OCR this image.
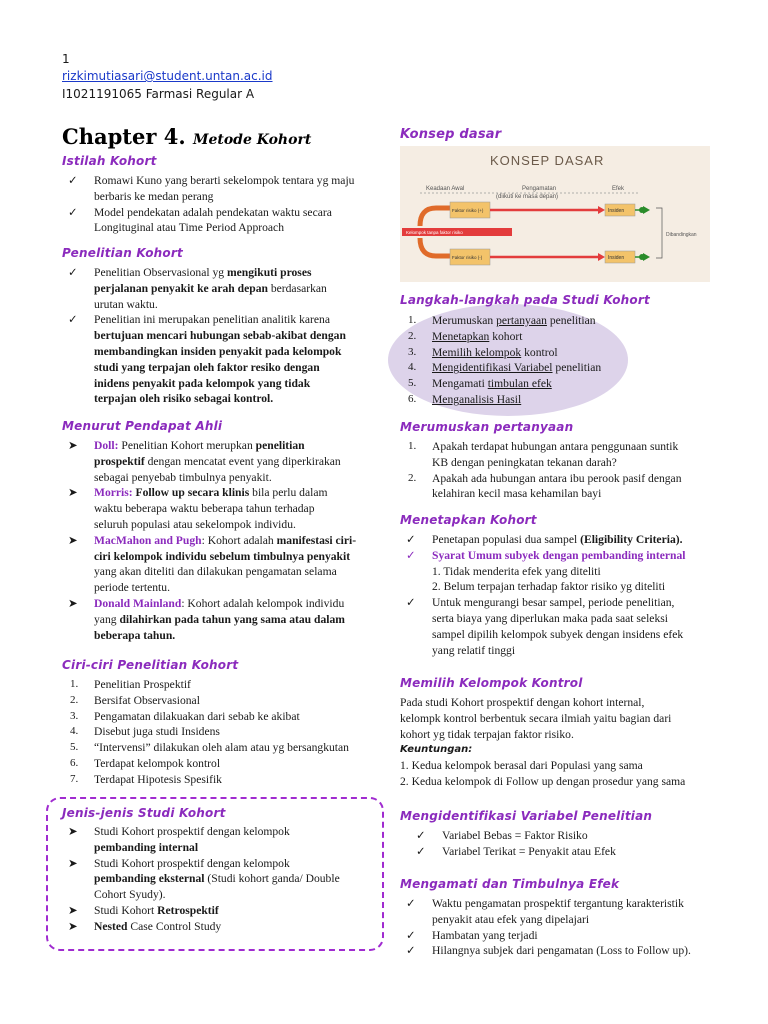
1
rizkimutiasari@student.untan.ac.id
I1021191065 Farmasi Regular A
Chapter 4. Metode Kohort
Istilah Kohort
✓	Romawi Kuno yang berarti sekelompok tentara yg maju
berbaris ke medan perang
✓	Model pendekatan adalah pendekatan waktu secara
Longituginal atau Time Period Approach
Penelitian Kohort
✓	Penelitian Observasional yg mengikuti proses
perjalanan penyakit ke arah depan berdasarkan
urutan waktu.
✓	Penelitian ini merupakan penelitian analitik karena
bertujuan mencari hubungan sebab-akibat dengan
membandingkan insiden penyakit pada kelompok
studi yang terpajan oleh faktor resiko dengan
inidens penyakit pada kelompok yang tidak
terpajan oleh risiko sebagai kontrol.
Menurut Pendapat Ahli
➤	Doll: Penelitian Kohort merupkan penelitian
prospektif dengan mencatat event yang diperkirakan
sebagai penyebab timbulnya penyakit.
➤	Morris: Follow up secara klinis bila perlu dalam
waktu beberapa waktu beberapa tahun terhadap
seluruh populasi atau sekelompok individu.
➤	MacMahon and Pugh: Kohort adalah manifestasi ciri-
ciri kelompok individu sebelum timbulnya penyakit
yang akan diteliti dan dilakukan pengamatan selama
periode tertentu.
➤	Donald Mainland: Kohort adalah kelompok individu
yang dilahirkan pada tahun yang sama atau dalam
beberapa tahun.
Ciri-ciri Penelitian Kohort
1.	Penelitian Prospektif
2.	Bersifat Observasional
3.	Pengamatan dilakuakan dari sebab ke akibat
4.	Disebut juga studi Insidens
5.	“Intervensi” dilakukan oleh alam atau yg bersangkutan
6.	Terdapat kelompok kontrol
7.	Terdapat Hipotesis Spesifik
Jenis-jenis Studi Kohort
➤	Studi Kohort prospektif dengan kelompok
pembanding internal
➤	Studi Kohort prospektif dengan kelompok
pembanding eksternal (Studi kohort ganda/ Double
Cohort Syudy).
➤	Studi Kohort Retrospektif
➤	Nested Case Control Study
Konsep dasar
KONSEP DASAR
Keadaan Awal	Pengamatan
(diikuti ke masa depan)
Efek
Faktor risiko (+)	Insiden
Kelompok tanpa faktor risiko
Faktor risiko (-)	Insiden
Dibandingkan
Langkah-langkah pada Studi Kohort
1.	Merumuskan pertanyaan penelitian
2.	Menetapkan kohort
3.	Memilih kelompok kontrol
4.	Mengidentifikasi Variabel penelitian
5.	Mengamati timbulan efek
6.	Menganalisis Hasil
Merumuskan pertanyaan
1.	Apakah terdapat hubungan antara penggunaan suntik
KB dengan peningkatan tekanan darah?
2.	Apakah ada hubungan antara ibu perook pasif dengan
kelahiran kecil masa kehamilan bayi
Menetapkan Kohort
✓	Penetapan populasi dua sampel (Eligibility Criteria).
✓	Syarat Umum subyek dengan pembanding internal
1. Tidak menderita efek yang diteliti
2. Belum terpajan terhadap faktor risiko yg diteliti
✓	Untuk mengurangi besar sampel, periode penelitian,
serta biaya yang diperlukan maka pada saat seleksi
sampel dipilih kelompok subyek dengan insidens efek
yang relatif tinggi
Memilih Kelompok Kontrol
Pada studi Kohort prospektif dengan kohort internal,
kelompk kontrol berbentuk secara ilmiah yaitu bagian dari
kohort yg tidak terpajan faktor risiko.
Keuntungan:
1. Kedua kelompok berasal dari Populasi yang sama
2. Kedua kelompok di Follow up dengan prosedur yang sama
Mengidentifikasi Variabel Penelitian
✓	Variabel Bebas = Faktor Risiko
✓	Variabel Terikat = Penyakit atau Efek
Mengamati dan Timbulnya Efek
✓	Waktu pengamatan prospektif tergantung karakteristik
penyakit atau efek yang dipelajari
✓	Hambatan yang terjadi
✓	Hilangnya subjek dari pengamatan (Loss to Follow up).
